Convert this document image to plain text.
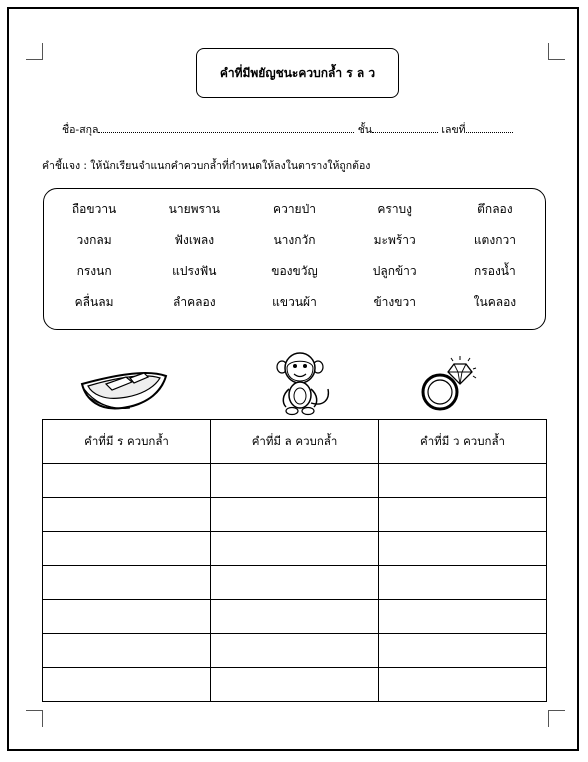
คำที่มีพยัญชนะควบกล้ำ ร ล ว
ชื่อ-สกุล	ชั้น	เลขที่
คำชี้แจง : ให้นักเรียนจำแนกคำควบกล้ำที่กำหนดให้ลงในตารางให้ถูกต้อง
ถือขวาน	นายพราน	ควายป่า	คราบงู	ตึกลอง
วงกลม	ฟังเพลง	นางกวัก	มะพร้าว	แตงกวา
กรงนก	แปรงฟัน	ของขวัญ	ปลูกข้าว	กรองน้ำ
คลื่นลม	ลำคลอง	แขวนผ้า	ข้างขวา	ในคลอง
คำที่มี ร ควบกล้ำ	คำที่มี ล ควบกล้ำ	คำที่มี ว ควบกล้ำ
